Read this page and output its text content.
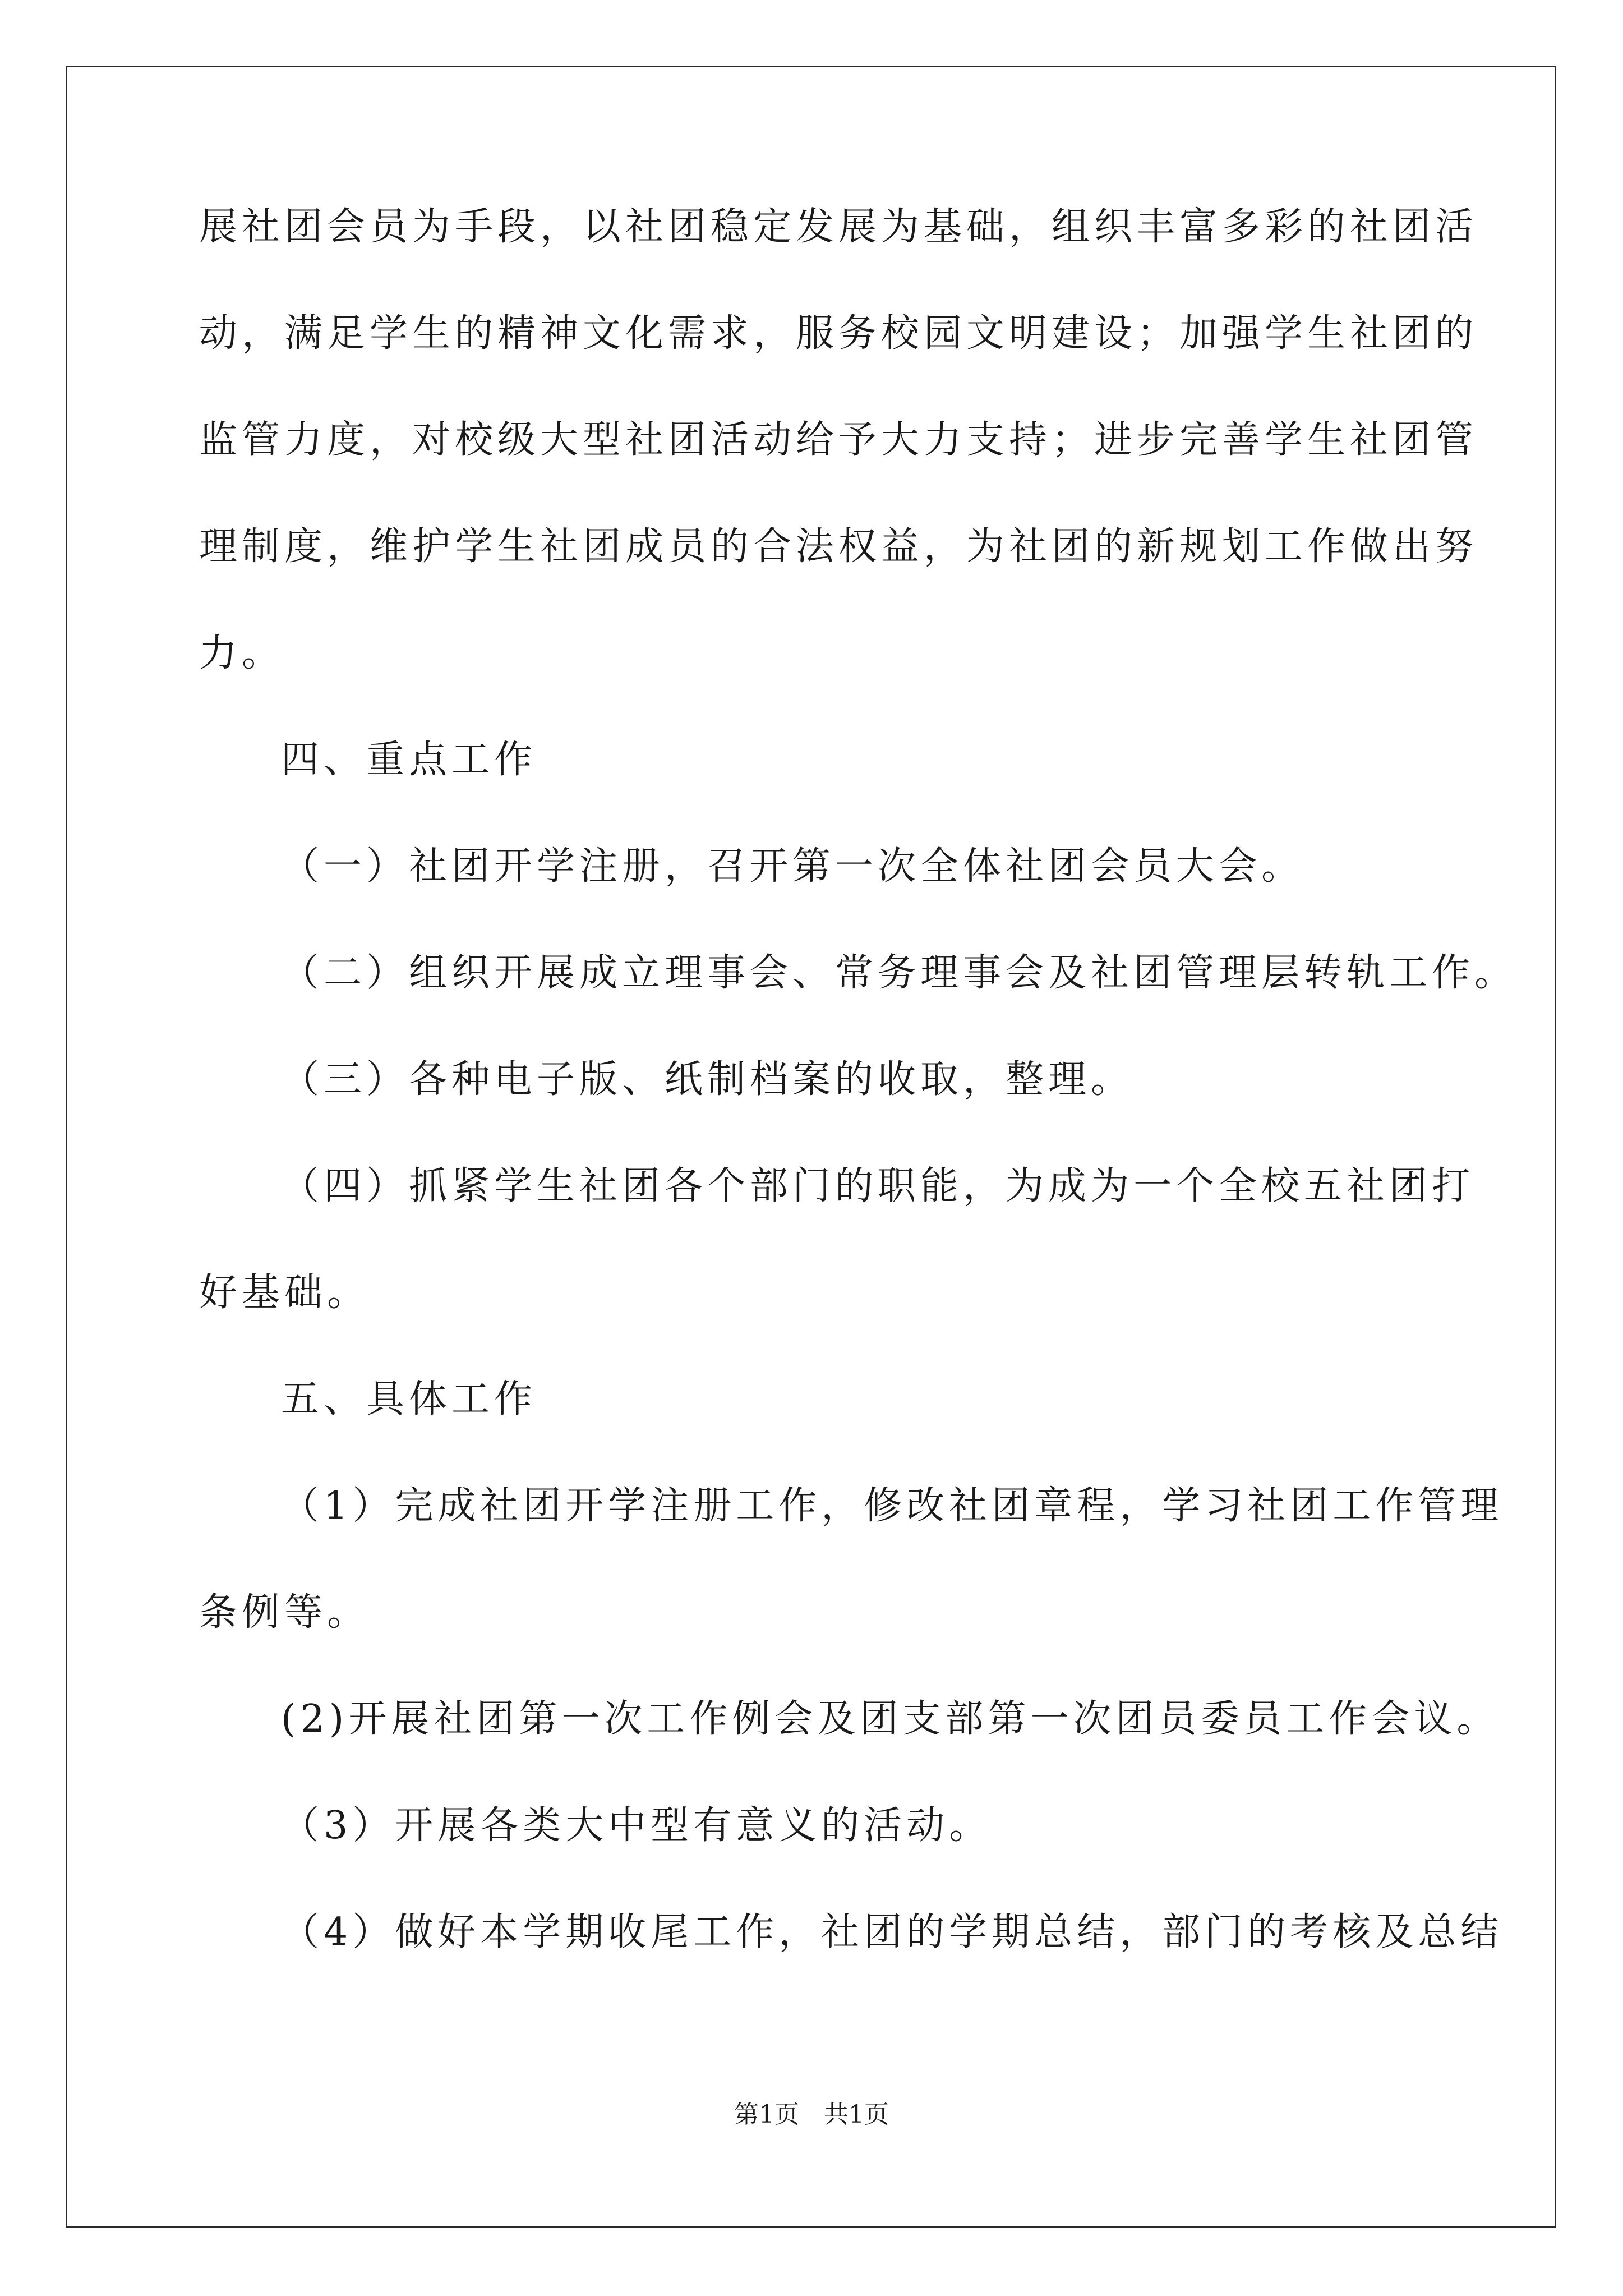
展社团会员为手段，以社团稳定发展为基础，组织丰富多彩的社团活
动，满足学生的精神文化需求，服务校园文明建设；加强学生社团的
监管力度，对校级大型社团活动给予大力支持；进步完善学生社团管
理制度，维护学生社团成员的合法权益，为社团的新规划工作做出努
力。
四、重点工作
（一）社团开学注册，召开第一次全体社团会员大会。
（二）组织开展成立理事会、常务理事会及社团管理层转轨工作。
（三）各种电子版、纸制档案的收取，整理。
（四）抓紧学生社团各个部门的职能，为成为一个全校五社团打
好基础。
五、具体工作
（1）完成社团开学注册工作，修改社团章程，学习社团工作管理
条例等。
(2)开展社团第一次工作例会及团支部第一次团员委员工作会议。
（3）开展各类大中型有意义的活动。
（4）做好本学期收尾工作，社团的学期总结，部门的考核及总结
第1页　共1页
